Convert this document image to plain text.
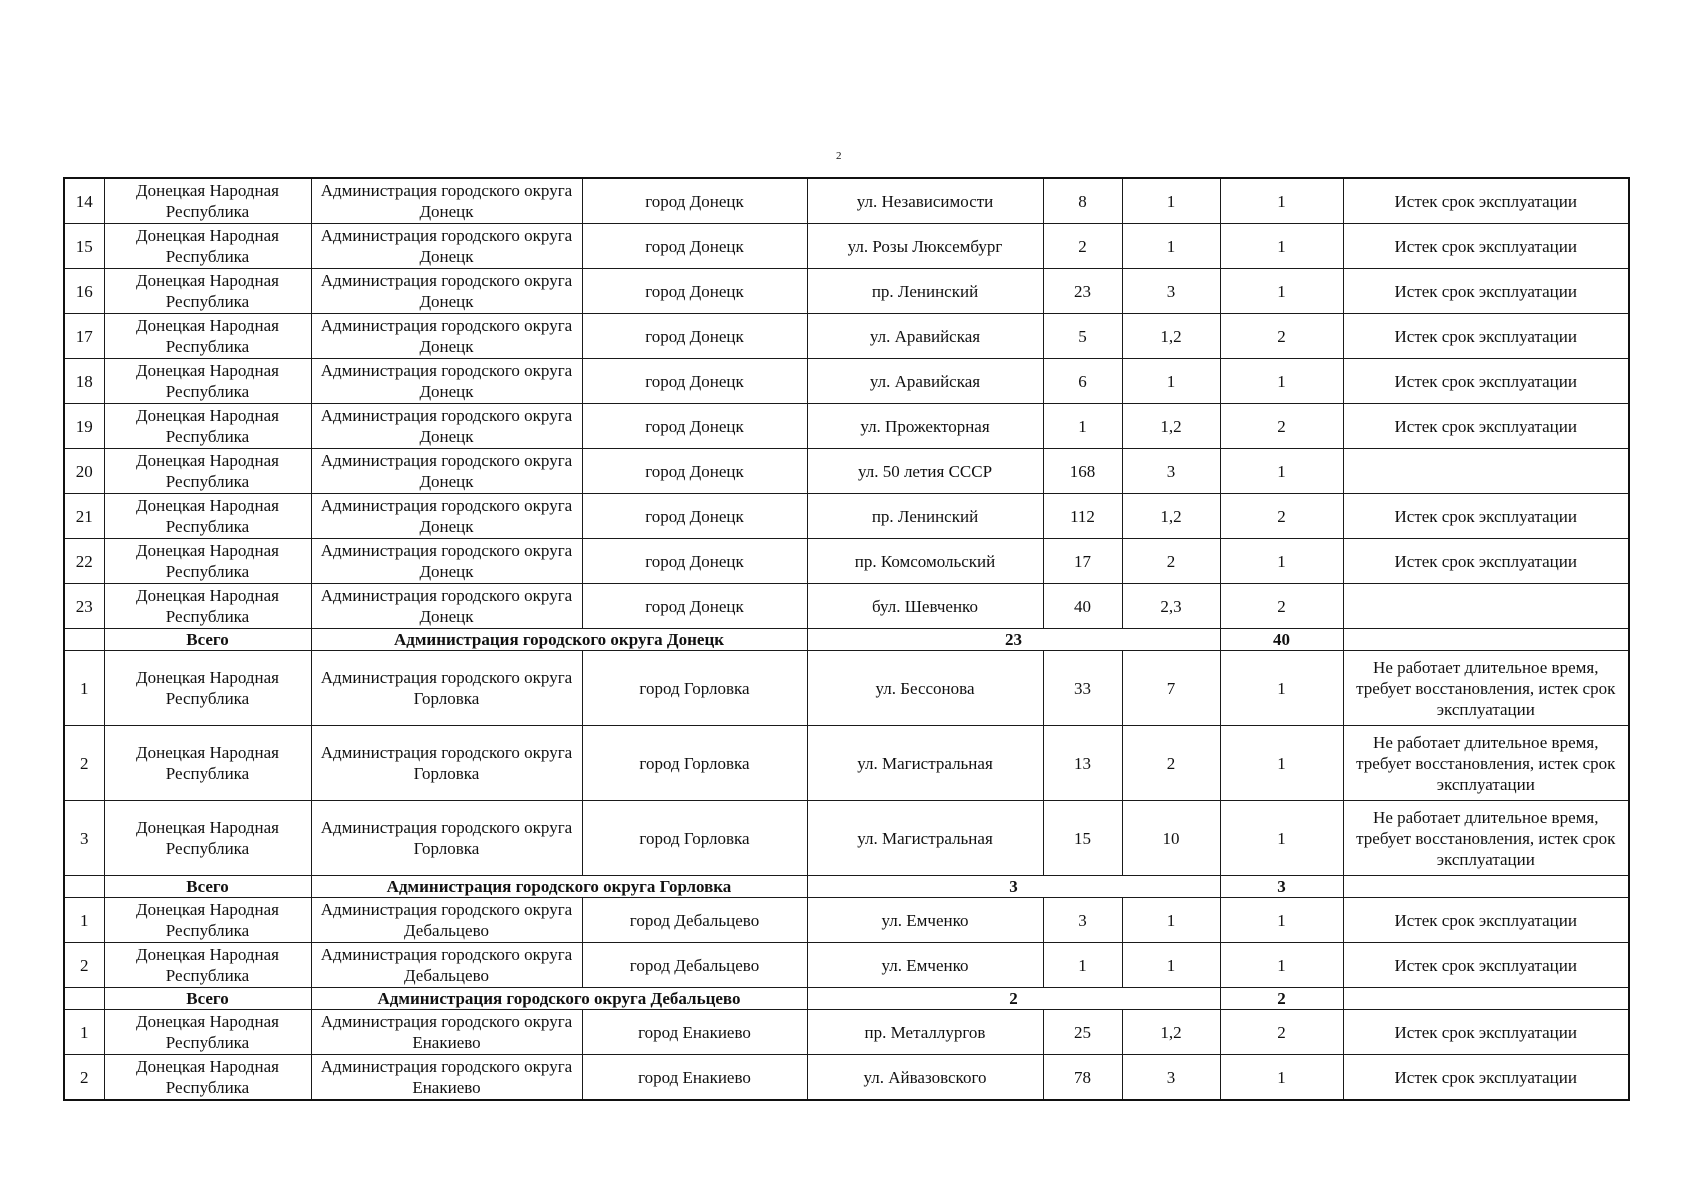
2
14	Донецкая Народная Республика	Администрация городского округа Донецк	город Донецк	ул. Независимости	8	1	1	Истек срок эксплуатации
15	Донецкая Народная Республика	Администрация городского округа Донецк	город Донецк	ул. Розы Люксембург	2	1	1	Истек срок эксплуатации
16	Донецкая Народная Республика	Администрация городского округа Донецк	город Донецк	пр. Ленинский	23	3	1	Истек срок эксплуатации
17	Донецкая Народная Республика	Администрация городского округа Донецк	город Донецк	ул. Аравийская	5	1,2	2	Истек срок эксплуатации
18	Донецкая Народная Республика	Администрация городского округа Донецк	город Донецк	ул. Аравийская	6	1	1	Истек срок эксплуатации
19	Донецкая Народная Республика	Администрация городского округа Донецк	город Донецк	ул. Прожекторная	1	1,2	2	Истек срок эксплуатации
20	Донецкая Народная Республика	Администрация городского округа Донецк	город Донецк	ул. 50 летия СССР	168	3	1	
21	Донецкая Народная Республика	Администрация городского округа Донецк	город Донецк	пр. Ленинский	112	1,2	2	Истек срок эксплуатации
22	Донецкая Народная Республика	Администрация городского округа Донецк	город Донецк	пр. Комсомольский	17	2	1	Истек срок эксплуатации
23	Донецкая Народная Республика	Администрация городского округа Донецк	город Донецк	бул. Шевченко	40	2,3	2	
	Всего	Администрация городского округа Донецк		23			40	
1	Донецкая Народная Республика	Администрация городского округа Горловка	город Горловка	ул. Бессонова	33	7	1	Не работает длительное время, требует восстановления, истек срок эксплуатации
2	Донецкая Народная Республика	Администрация городского округа Горловка	город Горловка	ул. Магистральная	13	2	1	Не работает длительное время, требует восстановления, истек срок эксплуатации
3	Донецкая Народная Республика	Администрация городского округа Горловка	город Горловка	ул. Магистральная	15	10	1	Не работает длительное время, требует восстановления, истек срок эксплуатации
	Всего	Администрация городского округа Горловка		3			3	
1	Донецкая Народная Республика	Администрация городского округа Дебальцево	город Дебальцево	ул. Емченко	3	1	1	Истек срок эксплуатации
2	Донецкая Народная Республика	Администрация городского округа Дебальцево	город Дебальцево	ул. Емченко	1	1	1	Истек срок эксплуатации
	Всего	Администрация городского округа Дебальцево		2			2	
1	Донецкая Народная Республика	Администрация городского округа Енакиево	город Енакиево	пр. Металлургов	25	1,2	2	Истек срок эксплуатации
2	Донецкая Народная Республика	Администрация городского округа Енакиево	город Енакиево	ул. Айвазовского	78	3	1	Истек срок эксплуатации
